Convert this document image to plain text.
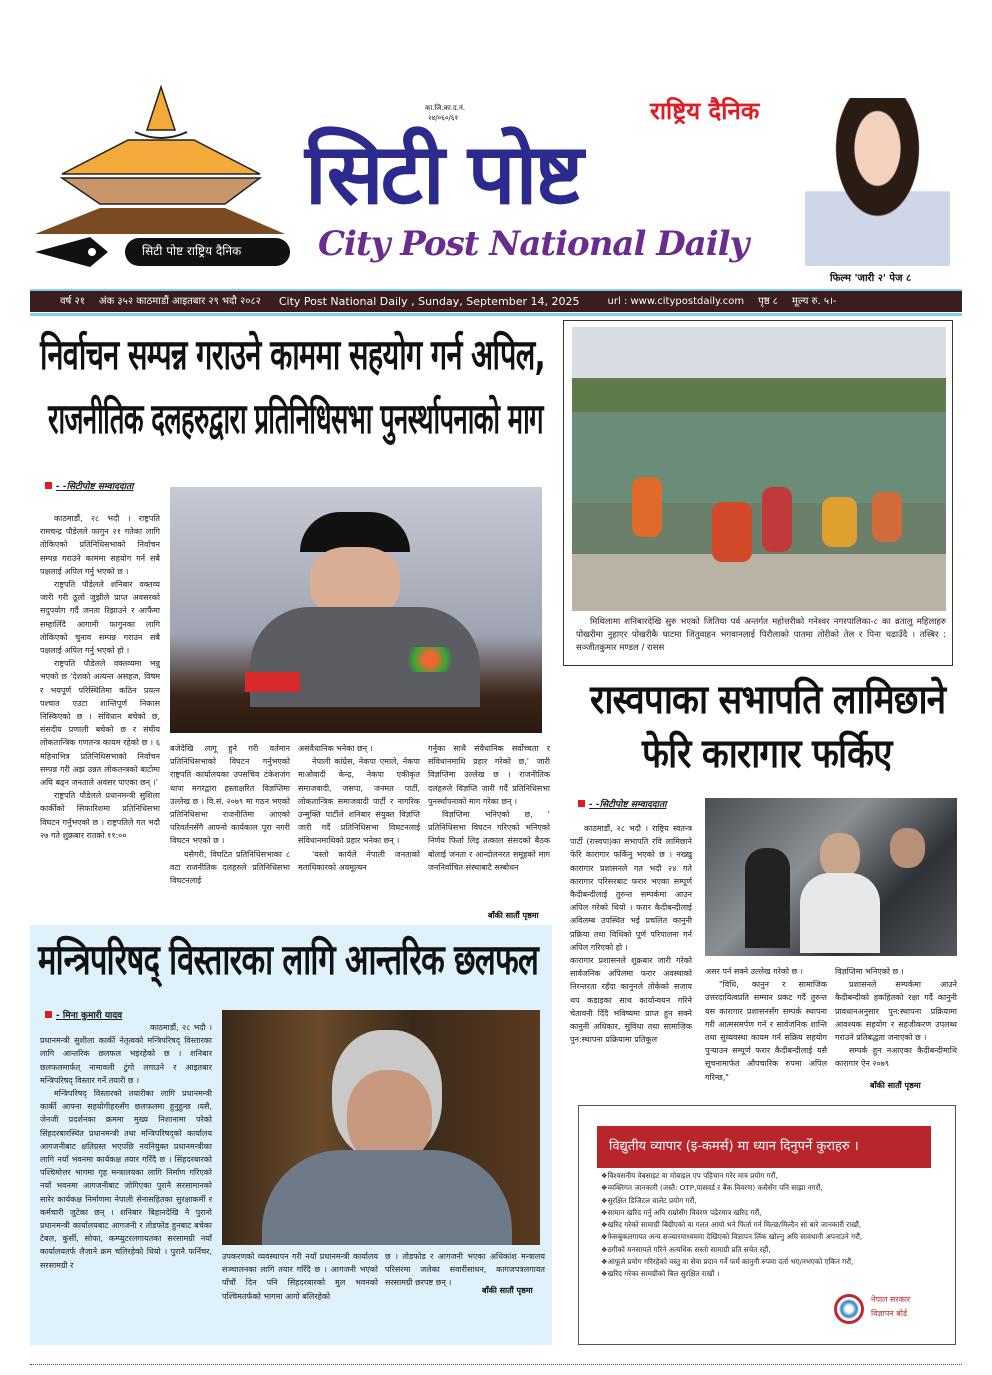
सिटी पोष्ट राष्ट्रिय दैनिक
का.जि.का.द.नं.
२४/०६०/६१	राष्ट्रिय दैनिक
सिटी पोष्ट
City Post National Daily
फिल्म 'जारी २' पेज ८
वर्ष २१ अंक ३५२ काठमाडौं आइतबार २९ भदौ २०८२ City Post National Daily , Sunday, September 14, 2025	url : www.citypostdaily.com पृष्ठ ८ मूल्य रु. ५।-
निर्वाचन सम्पन्न गराउने काममा सहयोग गर्न अपिल,
राजनीतिक दलहरुद्वारा प्रतिनिधिसभा पुनर्स्थापनाको माग
- -सिटीपोष्ट सम्वाददाता

काठमाडौं, २८ भदौ । राष्ट्रपति रामचन्द्र पौडेलले फागुन २१ गतेका लागि तोकिएको प्रतिनिधिसभाको निर्वाचन सम्पन्न गराउने काममा सहयोग गर्न सबै पक्षलाई अपिल गर्नु भएको छ ।

राष्ट्रपति पौडेलले शनिबार वक्तव्य जारी गरी ठूलो जुझीले प्राप्त अवसरको सदुपयोग गर्दै जनता रिझाउने र आफैंमा सम्हालिँदै आगामी फागुनका लागि तोकिएको चुनाव सम्पन्न गराउन सबै पक्षलाई अपिल गर्नु भएको हो ।

राष्ट्रपति पौडेलले वक्तव्यमा भन्नु भएको छ 'देशको अत्यन्त असहज, विषम र भयपूर्ण परिस्थितिमा कठिन प्रयत्न पश्चात एउटा शान्तिपूर्ण निकास निस्किएको छ । संविधान बचेको छ, संसदीय प्रणाली बचेको छ र संघीय लोकतान्त्रिक गणतन्त्र कायम रहेको छ । ६ महिनाभित्र प्रतिनिधिसभाको निर्वाचन सम्पन्न गरी अझ उन्नत लोकतन्त्रको बाटोमा अघि बढ्न जनताले अवसर पाएका छन् ।'

राष्ट्रपति पौडेलले प्रधानमन्त्री सुशिला कार्कीको सिफारिशमा प्रतिनिधिसभा विघटन गर्नुभएको छ । राष्ट्रपतिले गत भदौ २७ गते शुक्रबार रातको ११:००

बजेदेखि लागू हुने गरी वर्तमान प्रतिनिधिसभाको विघटन गर्नुभएको राष्ट्रपति कार्यालयका उपसचिव टंकेशजंग थापा मगरद्वारा हस्ताक्षरित विज्ञप्तिमा उल्लेख छ । वि.सं. २०७९ मा गठन भएको प्रतिनिधिसभा राजनीतिमा आएको परिवर्तनसँगै आफ्नो कार्यकाल पूरा नगरी विघटन भएको छ ।

यसैगरी, विघटित प्रतिनिधिसभाका ८ वटा राजनीतिक दलहरुले प्रतिनिधिसभा विघटनलाई

असंवैधानिक भनेका छन् ।

नेपाली कांग्रेस, नेकपा एमाले, नेकपा माओवादी केन्द्र, नेकपा एकीकृत समाजवादी, जसपा, जनमत पार्टी, लोकतान्त्रिक समाजवादी पार्टी र नागरिक उन्मुक्ति पार्टीले शनिबार संयुक्त विज्ञप्ति जारी गर्दै प्रतिनिधिसभा विघटनलाई संविधानमाथिको प्रहार भनेका छन् ।

'यस्तो कार्यले नेपाली जनताको मताधिकारको अवमूल्यन

गर्नुका साथै संवैधानिक सर्वोच्चता र संविधानमाथि प्रहार गरेको छ,' जारी विज्ञप्तिमा उल्लेख छ । राजनीतिक दलहरुले विज्ञप्ति जारी गर्दै प्रतिनिधिसभा पुनर्स्थापनाको माग गरेका छन् ।

विज्ञप्तिमा भनिएको छ, ' प्रतिनिधिसभा विघटन गरिएको भनिएको निर्णय फिर्ता लिइ तत्काल संसदको बैठक बोलाई जनता र आन्दोलनरत समूहको माग जननिर्वाचित संस्थाबाटै सम्बोधन

बाँकी सातौं पृष्ठमा
मिथिलामा शनिबारदेखि सुरु भएको जितिया पर्व अन्तर्गत महोत्तरीको गनेश्वर नगरपालिका-८ का व्रतालु महिलाहरु पोखरीमा नुहाएर पोखरीकै घाटमा जितुवाहन भगवानलाई पिरौलाको पातमा तोरीको तेल र पिना चढाउँदै । तस्बिर : सञ्जीतकुमार मण्डल / रासस
रास्वपाका सभापति लामिछाने
फेरि कारागार फर्किए
- -सिटीपोष्ट सम्वाददाता

काठमाडौं, २८ भदौ । राष्ट्रिय स्वतन्त्र पार्टी (रास्वपा)का सभापति रवि लामिछाने फेरि कारागार फर्किनु भएको छ । नख्खु कारागार प्रशासनले गत भदौ २४ गते कारागार परिसरबाट फरार भएका सम्पूर्ण कैदीबन्दीलाई तुरुन्त सम्पर्कमा आउन अपिल गरेको थियो । फरार कैदीबन्दीलाई अविलम्ब उपस्थित भई प्रचलित कानुनी प्रक्रिया तथा विधिको पूर्ण परिपालना गर्न अपिल गरिएको हो ।

कारागार प्रशासनले शुक्रबार जारी गरेको सार्वजनिक अपिलमा फरार अवस्थाको निरन्तरता रहँदा कानुनले तोकेको सजाय थप कडाइका साथ कार्यान्वयन गरिने चेतावनी दिँदै भविष्यमा प्राप्त हुन सक्ने कानुनी अधिकार, सुविधा तथा सामाजिक पुन:स्थापना प्रक्रियामा प्रतिकूल

असर पर्न सक्ने उल्लेख गरेको छ ।

"विधि, कानुन र सामाजिक उत्तरदायित्वप्रति सम्मान प्रकट गर्दै तुरुन्त यस कारागार प्रशासनसँग सम्पर्क स्थापना गरी आत्मसमर्पण गर्न र सार्वजनिक शान्ति तथा सुव्यवस्था कायम गर्न सक्रिय सहयोग पुर्‍याउन सम्पूर्ण फरार कैदीबन्दीलाई यसै सूचनामार्फत औपचारिक रुपमा अपिल गरिन्छ,"

विज्ञप्तिमा भनिएको छ ।

प्रशासनले सम्पर्कमा आउने कैदीबन्दीको हकहितको रक्षा गर्दै कानुनी प्रावधानअनुसार पुन:स्थापना प्रक्रियामा आवश्यक सहयोग र सहजीकरण उपलब्ध गराउने प्रतिबद्धता जनाएको छ ।

सम्पर्क हुन नआएका कैदीबन्दीमाथि कारागार ऐन २०७९

बाँकी सातौं पृष्ठमा
मन्त्रिपरिषद् विस्तारका लागि आन्तरिक छलफल
- मिना कुमारी यादव

काठमाडौं, २८ भदौ । प्रधानमन्त्री सुशीला कार्की नेतृत्वको मन्त्रिपरिषद् विस्तारका लागि आन्तरिक छलफल भइरहेको छ । शनिबार छलफलमार्फत् नामावली टुंगो लगाउने र आइतबार मन्त्रिपरिषद् विस्तार गर्ने तयारी छ ।

मन्त्रिपरिषद् विस्तारको तयारीका लागि प्रधानमन्त्री कार्की आफ्ना सहयोगीहरुसँग छलफलमा हुनुहुन्छ ।यसै, जेनजी प्रदर्शनका क्रममा मुख्य निशानामा परेको सिंहदरबारस्थित प्रधानमन्त्री तथा मन्त्रिपरिषद्को कार्यालय आगजनीबाट क्षतिग्रस्त भएपछि नवनियुक्त प्रधानमन्त्रीका लागि नयाँ भवनमा कार्यकक्ष तयार गरिँदै छ । सिंहदरबारको पश्चिमोत्तर भागमा गृह मन्त्रालयका लागि निर्माण गरिएको नयाँ भवनमा आगजनीबाट जोगिएका पुरानै सरसामानको सारेर कार्यकक्ष निर्माणमा नेपाली सेनासहितका सुरक्षाकर्मी र कर्मचारी जुटेका छन् । शनिबार बिहानदेखि नै पुरानो प्रधानमन्त्री कार्यालयबाट आगजनी र तोडफोड हुनबाट बचेका टेबल, कुर्सी, सोफा, कम्प्युटरलगायतका सरसामग्री नयाँ कार्यालयतर्फ लैजाने क्रम चलिरहेको थियो । पुरानै फर्निचर, सरसामग्री र

उपकरणको व्यवस्थापन गरी नयाँ प्रधानमन्त्री कार्यालय सञ्चालनका लागि तयार गरिँदै छ । आगजनी भएको पाँचौं दिन पनि सिंहदरबारको मुल भवनको पश्चिमतर्फको भागमा आगो बलिरहेको

छ । तोडफोड र आगजनी भएका अधिकांश मन्त्रालय परिसरमा जलेका सवारीसाधन, कागजपत्रलगायत सरसामग्री छरपष्ट छन् ।

बाँकी सातौं पृष्ठमा
विद्युतीय व्यापार (इ-कमर्स) मा ध्यान दिनुपर्ने कुराहरु ।
❖विश्वसनीय वेबसाइट वा मोबाइल एप पहिचान गरेर मात्र प्रयोग गरौं,
❖व्यक्तिगत जानकारी (जस्तै: OTP,पासवर्ड र बैंक विवरण) कसैसँग पनि साझा नगरौं,
❖सुरक्षित डिजिटल वालेट प्रयोग गरौं,
❖सामान खरिद गर्नु अघि राम्रोसँग विवरण पढेरमात्र खरिद गरौं,
❖खरिद गरेको सामाग्री बिग्रीएको वा गलत आयो भने फिर्ता गर्न मिल्छ/मिल्दैन सो बारे जानकारी राखौं,
❖फेसबुकलगायत अन्य सञ्चारमाध्यममा देखिएको विज्ञापन लिंक खोल्नु अघि सावधानी अपनाउने गरौं,
❖ठगीको मनसायले गरिने अत्यधिक सस्तो सामाग्री प्रति सचेत रहौं,
❖आफूले प्रयोग गरिरहेको वस्तु वा सेवा प्रदान गर्ने फर्म कानुनी रुपमा दर्ता भए/नभएको एकिन गरौं,
❖खरिद गरेका सामग्रीको बिल सुरक्षित राखौं ।
नेपाल सरकार
विज्ञापन बोर्ड
